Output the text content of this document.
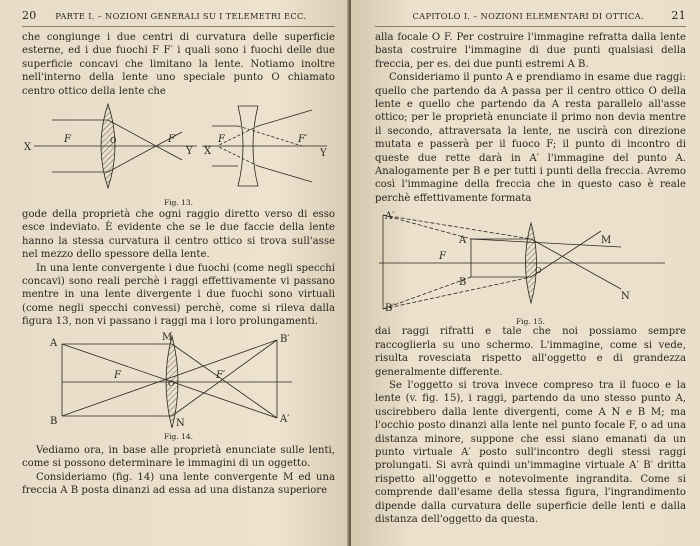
20 PARTE I. – NOZIONI GENERALI SU I TELEMETRI ECC.

che congiunge i due centri di curvatura delle superficie esterne, ed i due fuochi F F′ i quali sono i fuochi delle due superficie concavi che limitano la lente. Notiamo inoltre nell'interno della lente uno speciale punto O chiamato centro ottico della lente che

X
F	O	F′
Y X
F	F′
Y

Fig. 13.

gode della proprietà che ogni raggio diretto verso di esso esce indeviato. È evidente che se le due faccie della lente hanno la stessa curvatura il centro ottico si trova sull'asse nel mezzo dello spessore della lente.

In una lente convergente i due fuochi (come negli specchi concavi) sono reali perchè i raggi effettivamente vi passano mentre in una lente divergente i due fuochi sono virtuali (come negli specchi convessi) perchè, come si rileva dalla figura 13, non vi passano i raggi ma i loro prolungamenti.

A
M	B′
F
O
F′
N
B	A′

Fig. 14.

Vediamo ora, in base alle proprietà enunciate sulle lenti, come si possono determinare le immagini di un oggetto.

Consideriamo (fig. 14) una lente convergente M ed una freccia A B posta dinanzi ad essa ad una distanza superiore

CAPITOLO I. – NOZIONI ELEMENTARI DI OTTICA.	21

alla focale O F. Per costruire l'immagine refratta dalla lente basta costruire l'immagine di due punti qualsiasi della freccia, per es. dei due punti estremi A B.

Consideriamo il punto A e prendiamo in esame due raggi: quello che partendo da A passa per il centro ottico O della lente e quello che partendo da A resta parallelo all'asse ottico; per le proprietà enunciate il primo non devia mentre il secondo, attraversata la lente, ne uscirà con direzione mutata e passerà per il fuoco F; il punto di incontro di queste due rette darà in A′ l'immagine del punto A. Analogamente per B e per tutti i punti della freccia. Avremo così l'immagine della freccia che in questo caso è reale perchè effettivamente formata

A′
A
F
M
O
N
B
B′

Fig. 15.

dai raggi rifratti e tale che noi possiamo sempre raccoglierla su uno schermo. L'immagine, come si vede, risulta rovesciata rispetto all'oggetto e di grandezza generalmente differente.

Se l'oggetto si trova invece compreso tra il fuoco e la lente (v. fig. 15), i raggi, partendo da uno stesso punto A, uscirebbero dalla lente divergenti, come A N e B M; ma l'occhio posto dinanzi alla lente nel punto focale F, o ad una distanza minore, suppone che essi siano emanati da un punto virtuale A′ posto sull'incontro degli stessi raggi prolungati. Si avrà quindi un'immagine virtuale A′ B′ dritta rispetto all'oggetto e notevolmente ingrandita. Come si comprende dall'esame della stessa figura, l'ingrandimento dipende dalla curvatura delle superficie delle lenti e dalla distanza dell'oggetto da questa.
